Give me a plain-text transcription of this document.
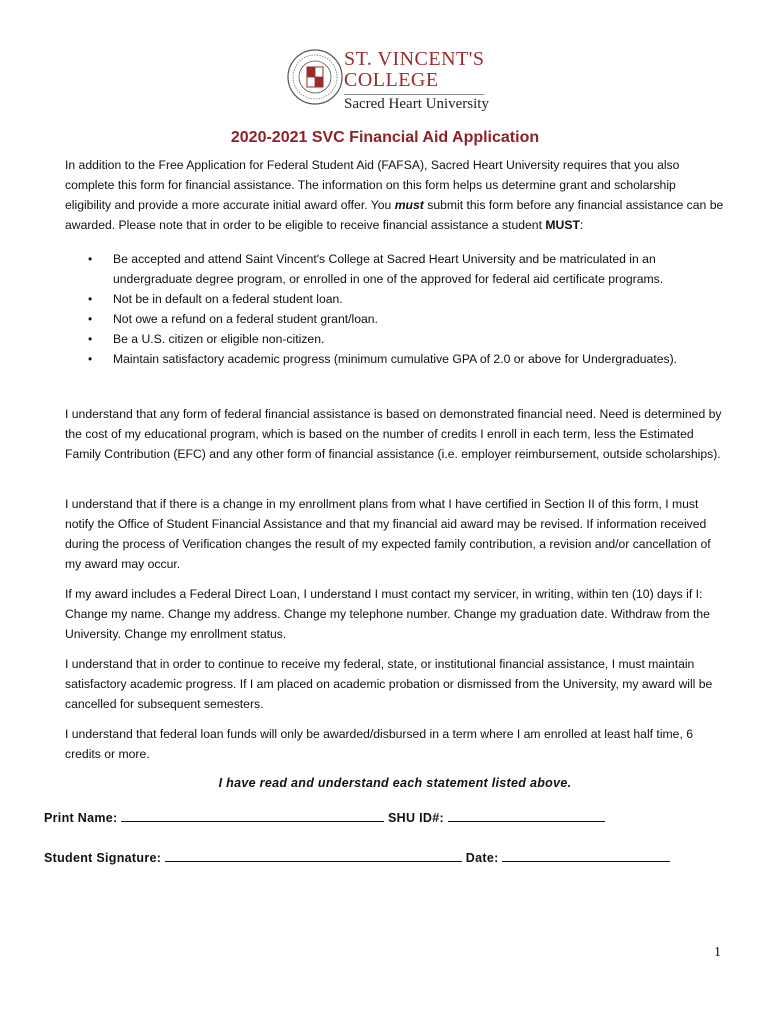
ST. VINCENT'S
COLLEGE
Sacred Heart University
2020-2021 SVC Financial Aid Application
In addition to the Free Application for Federal Student Aid (FAFSA), Sacred Heart University requires that you also complete this form for financial assistance. The information on this form helps us determine grant and scholarship eligibility and provide a more accurate initial award offer. You must submit this form before any financial assistance can be awarded. Please note that in order to be eligible to receive financial assistance a student MUST:
• Be accepted and attend Saint Vincent's College at Sacred Heart University and be matriculated in an undergraduate degree program, or enrolled in one of the approved for federal aid certificate programs.
• Not be in default on a federal student loan.
• Not owe a refund on a federal student grant/loan.
• Be a U.S. citizen or eligible non-citizen.
• Maintain satisfactory academic progress (minimum cumulative GPA of 2.0 or above for Undergraduates).
I understand that any form of federal financial assistance is based on demonstrated financial need. Need is determined by the cost of my educational program, which is based on the number of credits I enroll in each term, less the Estimated Family Contribution (EFC) and any other form of financial assistance (i.e. employer reimbursement, outside scholarships).
I understand that if there is a change in my enrollment plans from what I have certified in Section II of this form, I must notify the Office of Student Financial Assistance and that my financial aid award may be revised. If information received during the process of Verification changes the result of my expected family contribution, a revision and/or cancellation of my award may occur.
If my award includes a Federal Direct Loan, I understand I must contact my servicer, in writing, within ten (10) days if I: Change my name. Change my address. Change my telephone number. Change my graduation date. Withdraw from the University. Change my enrollment status.
I understand that in order to continue to receive my federal, state, or institutional financial assistance, I must maintain satisfactory academic progress. If I am placed on academic probation or dismissed from the University, my award will be cancelled for subsequent semesters.
I understand that federal loan funds will only be awarded/disbursed in a term where I am enrolled at least half time, 6 credits or more.
I have read and understand each statement listed above.
Print Name:	SHU ID#:
Student Signature:	Date:
1
